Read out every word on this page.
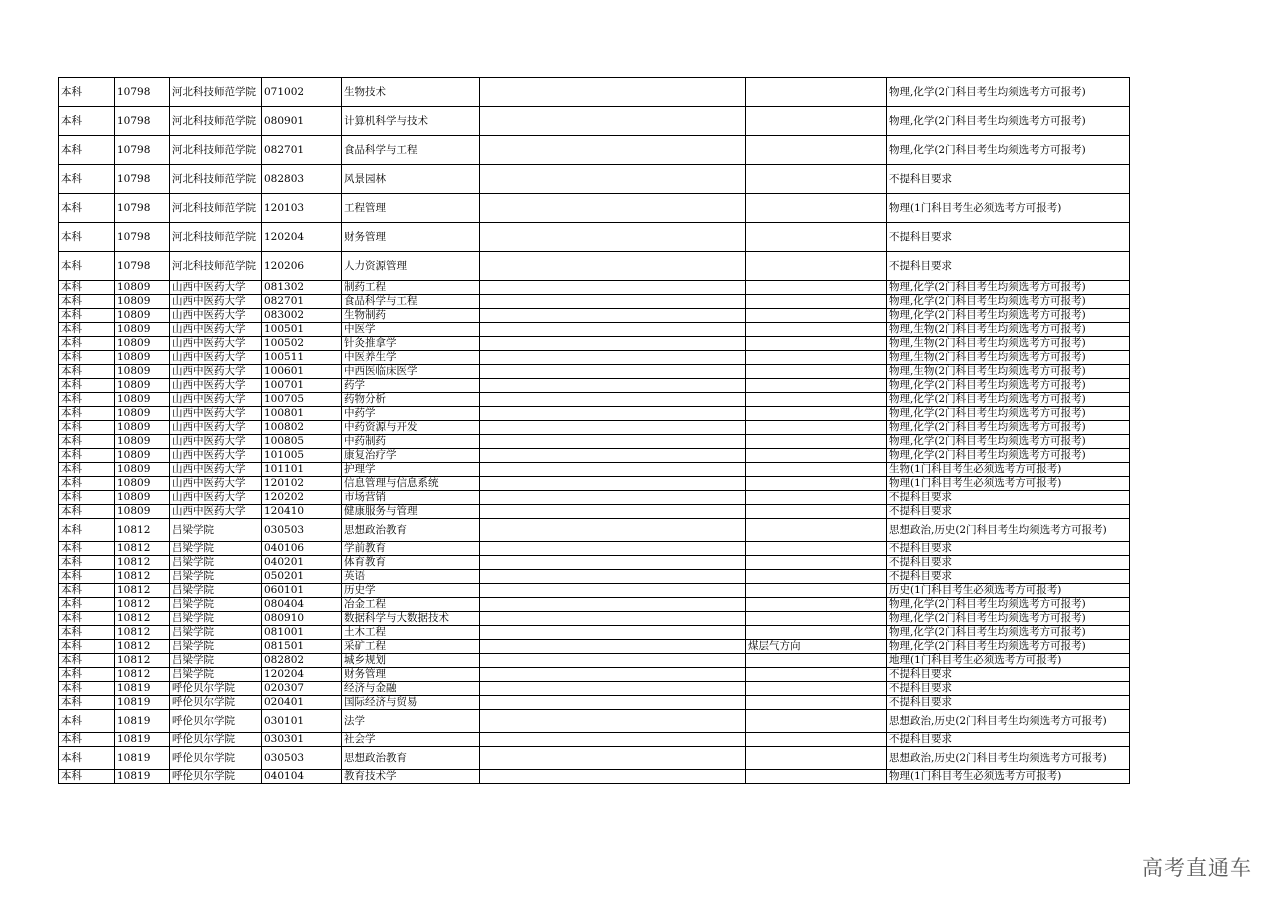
本科	10798	河北科技师范学院	071002	生物技术			物理,化学(2门科目考生均须选考方可报考)
本科	10798	河北科技师范学院	080901	计算机科学与技术			物理,化学(2门科目考生均须选考方可报考)
本科	10798	河北科技师范学院	082701	食品科学与工程			物理,化学(2门科目考生均须选考方可报考)
本科	10798	河北科技师范学院	082803	风景园林			不提科目要求
本科	10798	河北科技师范学院	120103	工程管理			物理(1门科目考生必须选考方可报考)
本科	10798	河北科技师范学院	120204	财务管理			不提科目要求
本科	10798	河北科技师范学院	120206	人力资源管理			不提科目要求
本科	10809	山西中医药大学	081302	制药工程			物理,化学(2门科目考生均须选考方可报考)
本科	10809	山西中医药大学	082701	食品科学与工程			物理,化学(2门科目考生均须选考方可报考)
本科	10809	山西中医药大学	083002	生物制药			物理,化学(2门科目考生均须选考方可报考)
本科	10809	山西中医药大学	100501	中医学			物理,生物(2门科目考生均须选考方可报考)
本科	10809	山西中医药大学	100502	针灸推拿学			物理,生物(2门科目考生均须选考方可报考)
本科	10809	山西中医药大学	100511	中医养生学			物理,生物(2门科目考生均须选考方可报考)
本科	10809	山西中医药大学	100601	中西医临床医学			物理,生物(2门科目考生均须选考方可报考)
本科	10809	山西中医药大学	100701	药学			物理,化学(2门科目考生均须选考方可报考)
本科	10809	山西中医药大学	100705	药物分析			物理,化学(2门科目考生均须选考方可报考)
本科	10809	山西中医药大学	100801	中药学			物理,化学(2门科目考生均须选考方可报考)
本科	10809	山西中医药大学	100802	中药资源与开发			物理,化学(2门科目考生均须选考方可报考)
本科	10809	山西中医药大学	100805	中药制药			物理,化学(2门科目考生均须选考方可报考)
本科	10809	山西中医药大学	101005	康复治疗学			物理,化学(2门科目考生均须选考方可报考)
本科	10809	山西中医药大学	101101	护理学			生物(1门科目考生必须选考方可报考)
本科	10809	山西中医药大学	120102	信息管理与信息系统			物理(1门科目考生必须选考方可报考)
本科	10809	山西中医药大学	120202	市场营销			不提科目要求
本科	10809	山西中医药大学	120410	健康服务与管理			不提科目要求
本科	10812	吕梁学院	030503	思想政治教育			思想政治,历史(2门科目考生均须选考方可报考)
本科	10812	吕梁学院	040106	学前教育			不提科目要求
本科	10812	吕梁学院	040201	体育教育			不提科目要求
本科	10812	吕梁学院	050201	英语			不提科目要求
本科	10812	吕梁学院	060101	历史学			历史(1门科目考生必须选考方可报考)
本科	10812	吕梁学院	080404	冶金工程			物理,化学(2门科目考生均须选考方可报考)
本科	10812	吕梁学院	080910	数据科学与大数据技术			物理,化学(2门科目考生均须选考方可报考)
本科	10812	吕梁学院	081001	土木工程			物理,化学(2门科目考生均须选考方可报考)
本科	10812	吕梁学院	081501	采矿工程		煤层气方向	物理,化学(2门科目考生均须选考方可报考)
本科	10812	吕梁学院	082802	城乡规划			地理(1门科目考生必须选考方可报考)
本科	10812	吕梁学院	120204	财务管理			不提科目要求
本科	10819	呼伦贝尔学院	020307	经济与金融			不提科目要求
本科	10819	呼伦贝尔学院	020401	国际经济与贸易			不提科目要求
本科	10819	呼伦贝尔学院	030101	法学			思想政治,历史(2门科目考生均须选考方可报考)
本科	10819	呼伦贝尔学院	030301	社会学			不提科目要求
本科	10819	呼伦贝尔学院	030503	思想政治教育			思想政治,历史(2门科目考生均须选考方可报考)
本科	10819	呼伦贝尔学院	040104	教育技术学			物理(1门科目考生必须选考方可报考)
高考直通车
